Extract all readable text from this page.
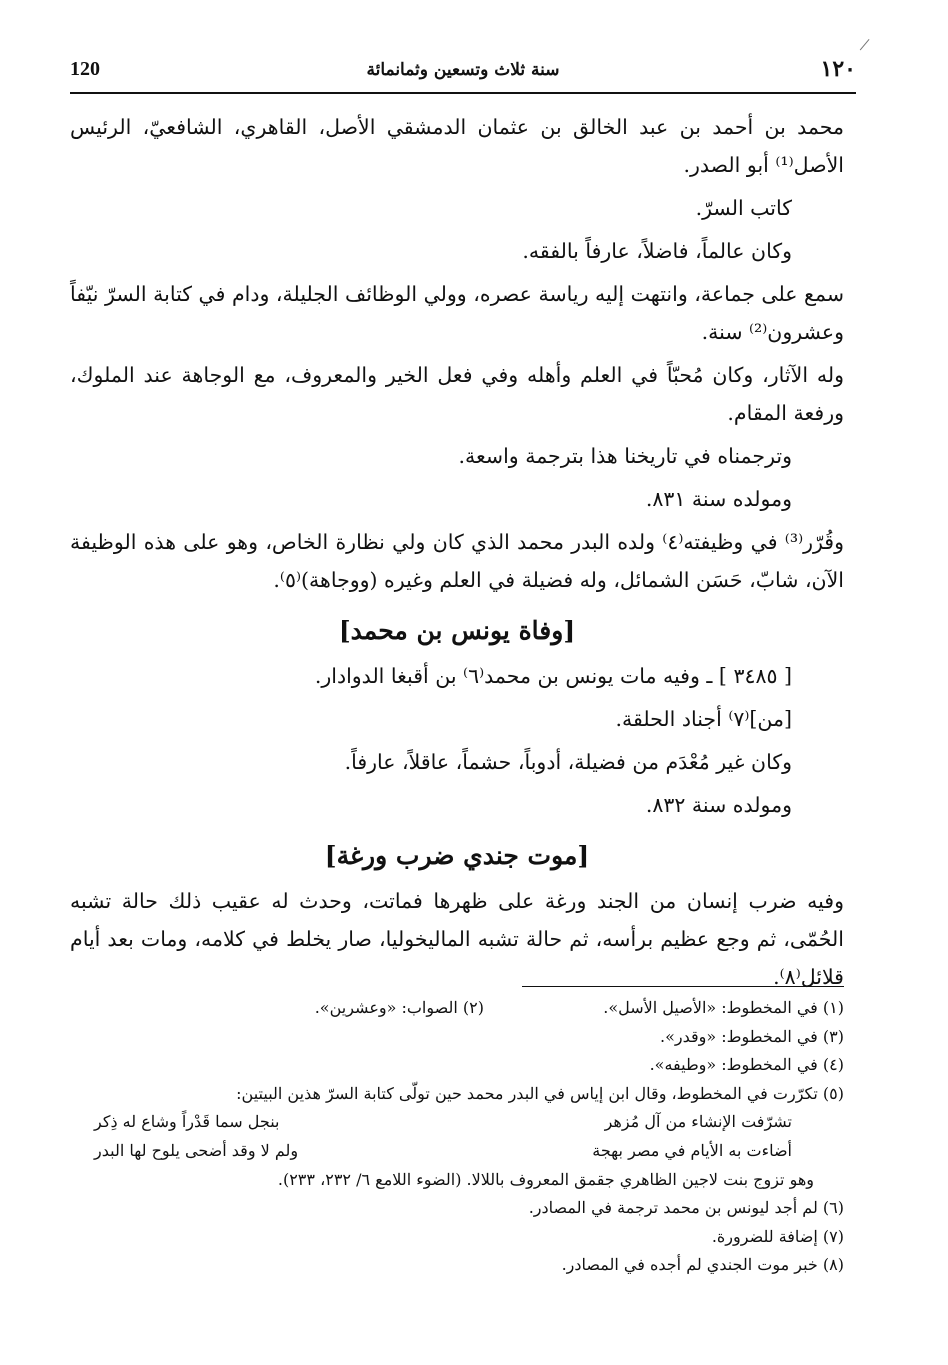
120	سنة ثلاث وتسعين وثمانمائة	١٢٠

محمد بن أحمد بن عبد الخالق بن عثمان الدمشقي الأصل، القاهري، الشافعيّ، الرئيس الأصل⁽¹⁾ أبو الصدر.

كاتب السرّ.

وكان عالماً، فاضلاً، عارفاً بالفقه.

سمع على جماعة، وانتهت إليه رياسة عصره، وولي الوظائف الجليلة، ودام في كتابة السرّ نيّفاً وعشرون⁽²⁾ سنة.

وله الآثار، وكان مُحبّاً في العلم وأهله وفي فعل الخير والمعروف، مع الوجاهة عند الملوك، ورفعة المقام.

وترجمناه في تاريخنا هذا بترجمة واسعة.

ومولده سنة ٨٣١.

وقُرّر⁽³⁾ في وظيفته⁽٤⁾ ولده البدر محمد الذي كان ولي نظارة الخاص، وهو على هذه الوظيفة الآن، شابّ، حَسَن الشمائل، وله فضيلة في العلم وغيره (ووجاهة)⁽٥⁾.

[وفاة يونس بن محمد]

[ ٣٤٨٥ ] ـ وفيه مات يونس بن محمد⁽٦⁾ بن أقبغا الدوادار.

[من]⁽٧⁾ أجناد الحلقة.

وكان غير مُعْدَم من فضيلة، أدوباً، حشماً، عاقلاً، عارفاً.

ومولده سنة ٨٣٢.

[موت جندي ضرب ورغة]

وفيه ضرب إنسان من الجند ورغة على ظهرها فماتت، وحدث له عقيب ذلك حالة تشبه الحُمّى، ثم وجع عظيم برأسه، ثم حالة تشبه الماليخوليا، صار يخلط في كلامه، ومات بعد أيام قلائل⁽٨⁾.

(١) في المخطوط: «الأصيل الأسل».

(٢) الصواب: «وعشرين».

(٣) في المخطوط: «وقدر».

(٤) في المخطوط: «وطيفه».

(٥) تكرّرت في المخطوط، وقال ابن إياس في البدر محمد حين تولّى كتابة السرّ هذين البيتين:

تشرّفت الإنشاء من آل مُزهر
بنجل سما قَدْراً وشاع له ذِكر
أضاءت به الأيام في مصر بهجة
ولم لا وقد أضحى يلوح لها البدر

وهو تزوج بنت لاجين الظاهري جقمق المعروف باللالا. (الضوء اللامع ٦/ ٢٣٢، ٢٣٣).

(٦) لم أجد ليونس بن محمد ترجمة في المصادر.

(٧) إضافة للضرورة.

(٨) خبر موت الجندي لم أجده في المصادر.
